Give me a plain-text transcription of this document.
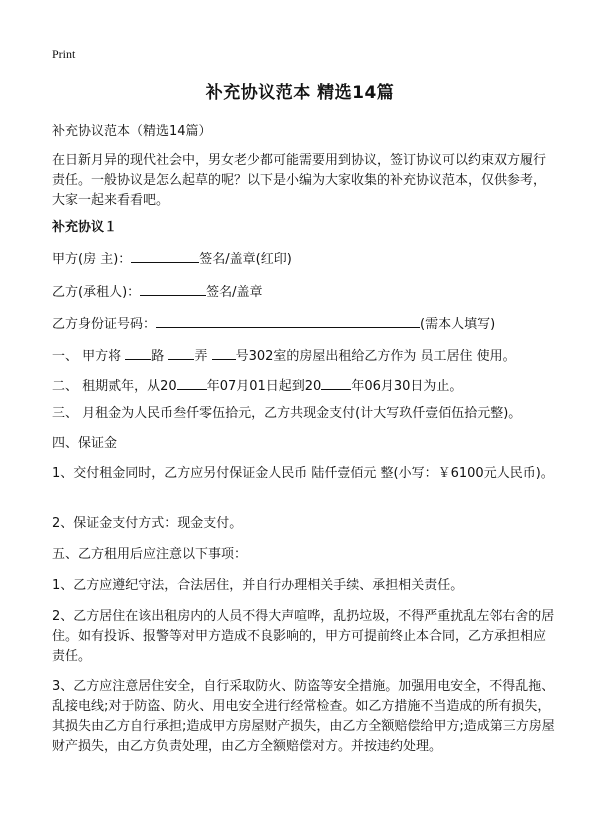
Print
补充协议范本 精选14篇
补充协议范本（精选14篇）
在日新月异的现代社会中，男女老少都可能需要用到协议，签订协议可以约束双方履行责任。一般协议是怎么起草的呢？以下是小编为大家收集的补充协议范本，仅供参考，大家一起来看看吧。
补充协议１
甲方(房 主)：	签名/盖章(红印)
乙方(承租人)：	签名/盖章
乙方身份证号码：	(需本人填写)
一、 甲方将 路 弄 号302室的房屋出租给乙方作为 员工居住 使用。
二、 租期贰年，从20 年07月01日起到20 年06月30日为止。
三、 月租金为人民币叁仟零伍拾元，乙方共现金支付(计大写玖仟壹佰伍拾元整)。
四、保证金
1、交付租金同时，乙方应另付保证金人民币 陆仟壹佰元 整(小写：￥6100元人民币)。
2、保证金支付方式：现金支付。
五、乙方租用后应注意以下事项：
1、乙方应遵纪守法，合法居住，并自行办理相关手续、承担相关责任。
2、乙方居住在该出租房内的人员不得大声喧哗，乱扔垃圾，不得严重扰乱左邻右舍的居住。如有投诉、报警等对甲方造成不良影响的，甲方可提前终止本合同，乙方承担相应责任。
3、乙方应注意居住安全，自行采取防火、防盗等安全措施。加强用电安全，不得乱拖、乱接电线;对于防盗、防火、用电安全进行经常检查。如乙方措施不当造成的所有损失，其损失由乙方自行承担;造成甲方房屋财产损失，由乙方全额赔偿给甲方;造成第三方房屋财产损失，由乙方负责处理，由乙方全额赔偿对方。并按违约处理。
